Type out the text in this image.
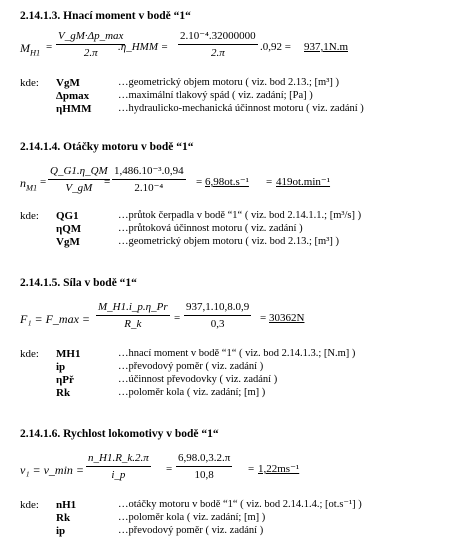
2.14.1.3. Hnací moment v bodě “1“
$M_{H1}$ =
V_gM·Δp_max
2.π	.η_HMM = $\frac{\text{2.10⁻⁴.32000000}}{2.\pi} .0,92 = 937,1N.m$
kde: VgM	…geometrický objem motoru ( viz. bod 2.13.; [m³] )
Δpmax	…maximální tlakový spád ( viz. zadání; [Pa] )
ηHMM	…hydraulicko-mechanická účinnost motoru ( viz. zadání )
2.14.1.4. Otáčky motoru v bodě “1“
$n_{M1} = \frac{Q\_G1.\eta\_QM}{V\_gM}$
= $\frac{\text{1,486.10⁻³.0,94}}{\text{2.10⁻⁴}} = 6,98ot.s^{-1} = 419ot.\min^{-1}$
kde: QG1	…průtok čerpadla v bodě “1“ ( viz. bod 2.14.1.1.; [m³/s] )
ηQM	…průtoková účinnost motoru ( viz. zadání )
VgM	…geometrický objem motoru ( viz. bod 2.13.; [m³] )
2.14.1.5. Síla v bodě “1“
F₁ = F_max = $\frac{M\_H1.i\_p.\eta\_Pr}{R\_k} = \frac{937,1.10,8.0,9}{0,3} = 30362N$
kde: MH1	…hnací moment v bodě “1“ ( viz. bod 2.14.1.3.; [N.m] )
ip	…převodový poměr ( viz. zadání )
ηPř	…účinnost převodovky ( viz. zadání )
Rk	…poloměr kola ( viz. zadání; [m] )
2.14.1.6. Rychlost lokomotivy v bodě “1“
v₁ = v_min = $\frac{n\_H1.R\_k.2.\pi}{i\_p} = \frac{6,98.0,3.2.\pi}{10,8} = 1,22ms^{-1}$
kde: nH1	…otáčky motoru v bodě “1“ ( viz. bod 2.14.1.4.; [ot.s⁻¹] )
Rk	…poloměr kola ( viz. zadání; [m] )
ip	…převodový poměr ( viz. zadání )
